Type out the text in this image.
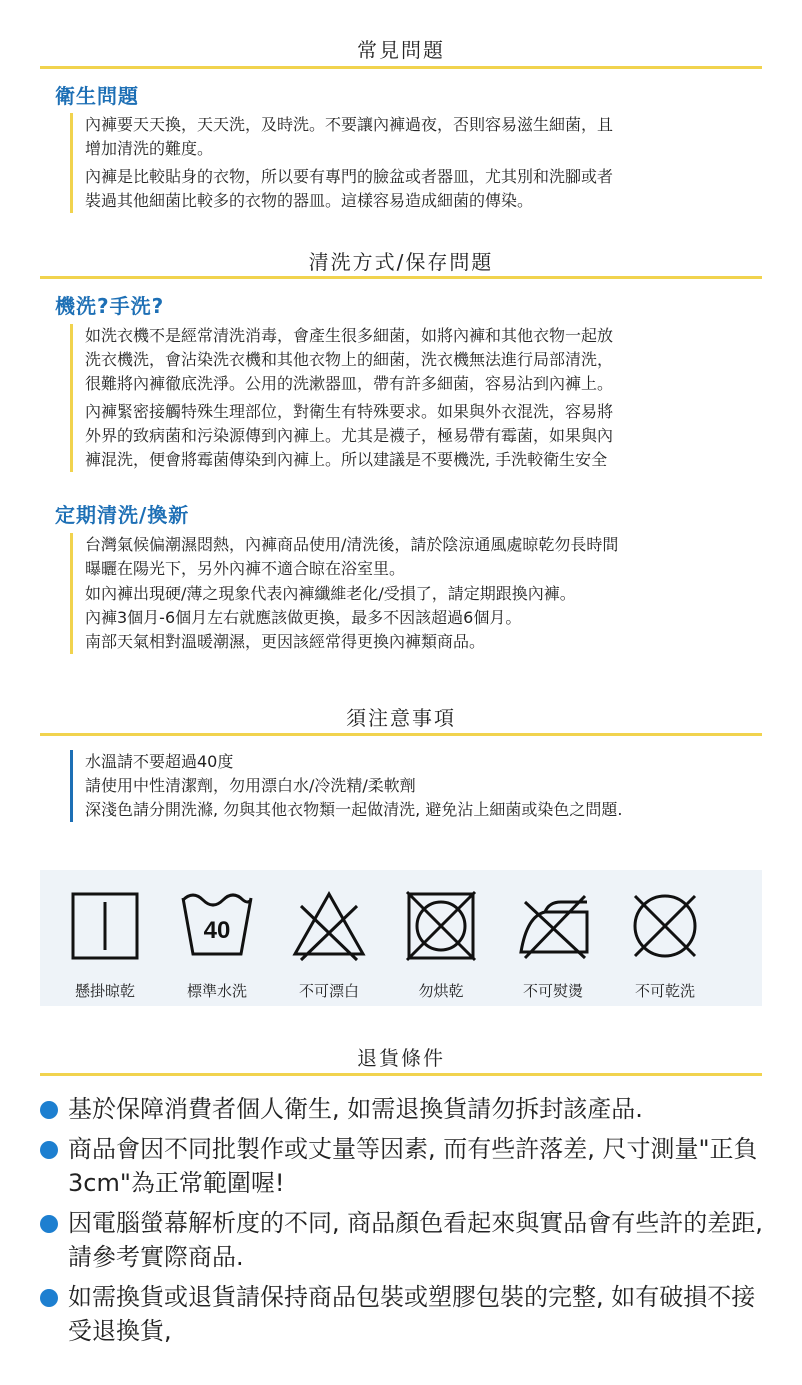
常見問題
衛生問題

內褲要天天換，天天洗，及時洗。不要讓內褲過夜，否則容易滋生細菌，且
增加清洗的難度。

內褲是比較貼身的衣物，所以要有專門的臉盆或者器皿，尤其別和洗腳或者
裝過其他細菌比較多的衣物的器皿。這樣容易造成細菌的傳染。

清洗方式/保存問題
機洗?手洗?

如洗衣機不是經常清洗消毒，會產生很多細菌，如將內褲和其他衣物一起放
洗衣機洗，會沾染洗衣機和其他衣物上的細菌，洗衣機無法進行局部清洗，
很難將內褲徹底洗淨。公用的洗漱器皿，帶有許多細菌，容易沾到內褲上。

內褲緊密接觸特殊生理部位，對衛生有特殊要求。如果與外衣混洗，容易將
外界的致病菌和污染源傳到內褲上。尤其是襪子，極易帶有霉菌，如果與內
褲混洗，便會將霉菌傳染到內褲上。所以建議是不要機洗, 手洗較衛生安全

定期清洗/換新

台灣氣候偏潮濕悶熱，內褲商品使用/清洗後，請於陰涼通風處晾乾勿長時間
曝曬在陽光下，另外內褲不適合晾在浴室里。

如內褲出現硬/薄之現象代表內褲纖維老化/受損了，請定期跟換內褲。
內褲3個月-6個月左右就應該做更換，最多不因該超過6個月。
南部天氣相對溫暖潮濕，更因該經常得更換內褲類商品。

須注意事項

水溫請不要超過40度
請使用中性清潔劑，勿用漂白水/冷洗精/柔軟劑
深淺色請分開洗滌, 勿與其他衣物類一起做清洗, 避免沾上細菌或染色之問題.

懸掛晾乾
40
標準水洗	不可漂白	勿烘乾	不可熨燙	不可乾洗
退貨條件
基於保障消費者個人衛生, 如需退換貨請勿拆封該產品.
商品會因不同批製作或丈量等因素, 而有些許落差, 尺寸測量"正負3cm"為正常範圍喔!
因電腦螢幕解析度的不同, 商品顏色看起來與實品會有些許的差距, 請參考實際商品.
如需換貨或退貨請保持商品包裝或塑膠包裝的完整, 如有破損不接受退換貨,
